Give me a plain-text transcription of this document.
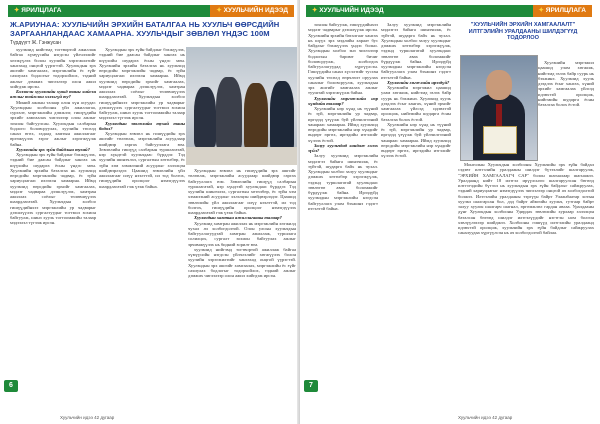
✦ ЯРИЛЦЛАГА	✦ ХУУЛЬЧИЙН ИДЭЭД
Ж.АРИУНАА: ХУУЛЬЧИЙН ЭРХИЙН БАТАЛГАА НЬ ХУУЛЬЧ ӨӨРСДИЙН ЗАРГААНЛАНДААС ХАМААРНА. ХУУЛЬЧДЫГ ЗӨВЛӨЛ ҮНДЭС 100М
Түрдүүгт Ж. Гэнжусан

хуульчид нийгэмд тогтвортой ажиллаж байгаа хүмүүсийн нэгдсэн үйлчлэлийг хөгжүүлэх болон хуулийн хэрэгжилтийг хангахад онцгой үүрэгтэй. Хуульчдын эрх ашгийг хамгаалах, мэргэжлийн ёс зүйг сахиулах бодлогыг тодорхойлох, тэдний ажлыг дэмжих чиглэлээр олон ажил хийгдэж ирсэн.

Бэлэвсэн хуульчийн хувьд таны хийсэн ажлыг тоймлон хэлэхгүй юу?

Миний ажлын талаар олон хүн асуудаг. Хуульчдын холбооны үйл ажиллагаа, сургалт, мэргэжлийн дэмжлэг, гишүүдийн эрхийг хамгаалах чиглэлээр олон ажлыг зохион байгуулсан. Хуульчдын салбарын бодлого боловсруулах, хуулийн төсөлд санал өгөх, гадаад хамтын ажиллагааг өргөжүүлэх зэрэг ажлыг хэрэгжүүлж байна.

Хуульчийн эрх зүйн байдлын тухай?

Хуульчдын эрх зүйн байдлыг бэхжүүлэх, тэдний бие даасан байдлыг хангах нь шүүхийн шударга ёсны үндэс мөн. Хуульчийн эрхийн баталгаа нь хуульчид өөрсдийн мэргэжлийн чадвар, ёс зүйн хариуцлагаас ихээхэн хамаарна. Иймд хуульчид өөрсдийн эрхийг хамгаалах, мэдлэг чадвараа дээшлүүлэх, хамтран ажиллах соёлыг төлөвшүүлэх шаардлагатай. Хуульчдын холбоо гишүүдийнхээ мэргэжлийн ур чадварыг дээшлүүлэх сургалтуудыг тогтмол зохион байгуулж, шинэ хууль тогтоомжийн талаар мэдээлэл түгээж ирсэн.

Хуульчдын эрх зүйн байдлыг бэхжүүлэх, тэдний бие даасан байдлыг хангах нь шүүхийн шударга ёсны үндэс мөн. Хуульчийн эрхийн баталгаа нь хуульчид өөрсдийн мэргэжлийн чадвар, ёс зүйн хариуцлагаас ихээхэн хамаарна. Иймд хуульчид өөрсдийн эрхийг хамгаалах, мэдлэг чадвараа дээшлүүлэх, хамтран ажиллах соёлыг төлөвшүүлэх шаардлагатай. Хуульчдын холбоо гишүүдийнхээ мэргэжлийн ур чадварыг дээшлүүлэх сургалтуудыг тогтмол зохион байгуулж, шинэ хууль тогтоомжийн талаар мэдээлэл түгээж ирсэн.

Хуульчдын зөвлөлийн тухай таны бодол?

Хуульчдын зөвлөл нь гишүүдийн эрх ашгийг төлөөлж, мэргэжлийн асуудлаар шийдвэр гаргах байгууллага юм. Зөвлөлийн гишүүд салбарын туршлагатай, нэр хүндтэй хуульчдаас бүрддэг. Тэд хуулийн шинэчлэл, сургалтын хөтөлбөр, ёс зүйн хэм хэмжээний асуудлыг хэлэлцэн шийдвэрлэдэг. Цаашид зөвлөлийн үйл ажиллагааг илүү нээлттэй, ил тод болгох, гишүүдийн оролцоог нэмэгдүүлэх шаардлагатай гэж үзэж байна.

Хуульчдын зөвлөл нь гишүүдийн эрх ашгийг төлөөлж, мэргэжлийн асуудлаар шийдвэр гаргах байгууллага юм. Зөвлөлийн гишүүд салбарын туршлагатай, нэр хүндтэй хуульчдаас бүрддэг. Тэд хуулийн шинэчлэл, сургалтын хөтөлбөр, ёс зүйн хэм хэмжээний асуудлыг хэлэлцэн шийдвэрлэдэг. Цаашид зөвлөлийн үйл ажиллагааг илүү нээлттэй, ил тод болгох, гишүүдийн оролцоог нэмэгдүүлэх шаардлагатай гэж үзэж байна.

Хуульчдын хамтын ажиллагааны талаар?

Хуульчид хамтран ажиллах нь мэргэжлийн хөгжилд чухал ач холбогдолтой. Олон улсын хуульчдын байгууллагуудтай хамтран ажиллаж, туршлага солилцох, сургалт зохион байгуулах ажлыг эрчимжүүлэх нь бидний зорилт юм.

хуульчид нийгэмд тогтвортой ажиллаж байгаа хүмүүсийн нэгдсэн үйлчлэлийг хөгжүүлэх болон хуулийн хэрэгжилтийг хангахад онцгой үүрэгтэй. Хуульчдын эрх ашгийг хамгаалах, мэргэжлийн ёс зүйг сахиулах бодлогыг тодорхойлох, тэдний ажлыг дэмжих чиглэлээр олон ажил хийгдэж ирсэн.

6
Хуульчийн идээ 42 дугаар
✦ ХУУЛЬЧИЙН ИДЭЭД	✦ ЯРИЛЦЛАГА

зохион байгуулж, гишүүдийнхээ мэдлэг чадварыг дээшлүүлж ирсэн. Хуульчийн эрхийн баталгааг хангах нь шүүх эрх мэдлийн хараат бус байдлыг бэхжүүлэх үндэс болно. Хуульчдын холбоо энэ чиглэлээр бодлогын баримт бичиг боловсруулж, холбогдох байгууллагуудад хүргүүлсэн. Гишүүдийн санал хүсэлтийг тусган хуулийн төсөлд өөрчлөлт оруулах саналыг боловсруулж, хуульчдын эрх ашгийг хамгаалах ажлыг тууштай хэрэгжүүлж байна.

Хуульчийн мэргэжлийн нэр хүндийн талаар?

Хуульчийн нэр хүнд нь түүний ёс зүй, мэргэжлийн ур чадвар, иргэдэд үзүүлж буй үйлчилгээний чанараас хамаарна. Иймд хуульчид өөрсдийн мэргэжлийн нэр хүндийг өндөрт өргөх, иргэдийн итгэлийг хүлээх ёстой.

Залуу хуульчдад хандаж хэлэх зүйл?

Залуу хуульчид мэргэжлийн мэдлэгээ байнга шинэчилж, ёс зүйтэй, шударга байх нь чухал. Хуульчдын холбоо залуу хуульчдыг дэмжих хөтөлбөр хэрэгжүүлж, тэдэнд туршлагатай хуульчдаас зөвлөгөө авах боломжийг бүрдүүлж байна. Ирээдүйд хуульчдын мэргэжлийн нэгдсэн байгууллага улам бэхжинэ гэдэгт итгэлтэй байна.

Залуу хуульчид мэргэжлийн мэдлэгээ байнга шинэчилж, ёс зүйтэй, шударга байх нь чухал. Хуульчдын холбоо залуу хуульчдыг дэмжих хөтөлбөр хэрэгжүүлж, тэдэнд туршлагатай хуульчдаас зөвлөгөө авах боломжийг бүрдүүлж байна. Ирээдүйд хуульчдын мэргэжлийн нэгдсэн байгууллага улам бэхжинэ гэдэгт итгэлтэй байна.

Хуульчийн хөгжлийн ирээдүй?

Хуульчийн мэргэжил цаашид улам хөгжиж, нийгэмд эзлэх байр суурь нь бэхжинэ. Хуульчид хууль дээдлэх ёсыг хангах, хүний эрхийг хамгаалах үйлсэд идэвхтэй оролцож, нийгмийн шударга ёсны баталгаа болох ёстой.

Хуульчийн нэр хүнд нь түүний ёс зүй, мэргэжлийн ур чадвар, иргэдэд үзүүлж буй үйлчилгээний чанараас хамаарна. Иймд хуульчид өөрсдийн мэргэжлийн нэр хүндийг өндөрт өргөх, иргэдийн итгэлийг хүлээх ёстой.

"ХУУЛЬЧИЙН ЭРХИЙН ХАМГААЛАЛТ" ИЛТГЭЛИЙН УРАЛДААНЫ ШИЛДЭГҮҮД ТОДОРЛОО

Хуульчийн мэргэжил цаашид улам хөгжиж, нийгэмд эзлэх байр суурь нь бэхжинэ. Хуульчид хууль дээдлэх ёсыг хангах, хүний эрхийг хамгаалах үйлсэд идэвхтэй оролцож, нийгмийн шударга ёсны баталгаа болох ёстой.

Монголын Хуульчдын холбооны Хуульчийн эрх зүйн байдал сэдэвт илтгэлийн уралдааны шилдэг бүтээлийг шалгаруулж, "ЭРХИЙН ХАМГААЛАГЧ САР" болон шагналаар шагнажээ. Уралдаанд нийт 18 илтгэл ирүүлснээс шалгаруулсан бөгөөд илтгэгчдийн бүтээл нь хуульчдын эрх зүйн байдлыг сайжруулах, тэдний хариуцлагыг нэмэгдүүлэх чиглэлээр онцгой ач холбогдолтой болжээ. Илтгэлийн уралдааны тэргүүн байрт Улаанбаатар хотын хуульч шалгарсан бол, дэд байрт аймгийн хуульч, гутгаар байрт залуу хуульч шалгарч шагнал, өргөмжлөл гардан авлаа. Уралдааны дүнг Хуульчдын холбооны Удирдах зөвлөлийн хурлаар хэлэлцэн баталсан бөгөөд шилдэг илтгэлүүдийг нэгтгэн ном болгон хэвлүүлэхээр шийджээ. Холбооны гишүүд илтгэлийн уралдаанд идэвхтэй оролцож, хуульчийн эрх зүйн байдлыг сайжруулах саналуудаа хүргүүлсэн нь ач холбогдолтой байлаа.

7
Хуульчийн идээ 42 дугаар
